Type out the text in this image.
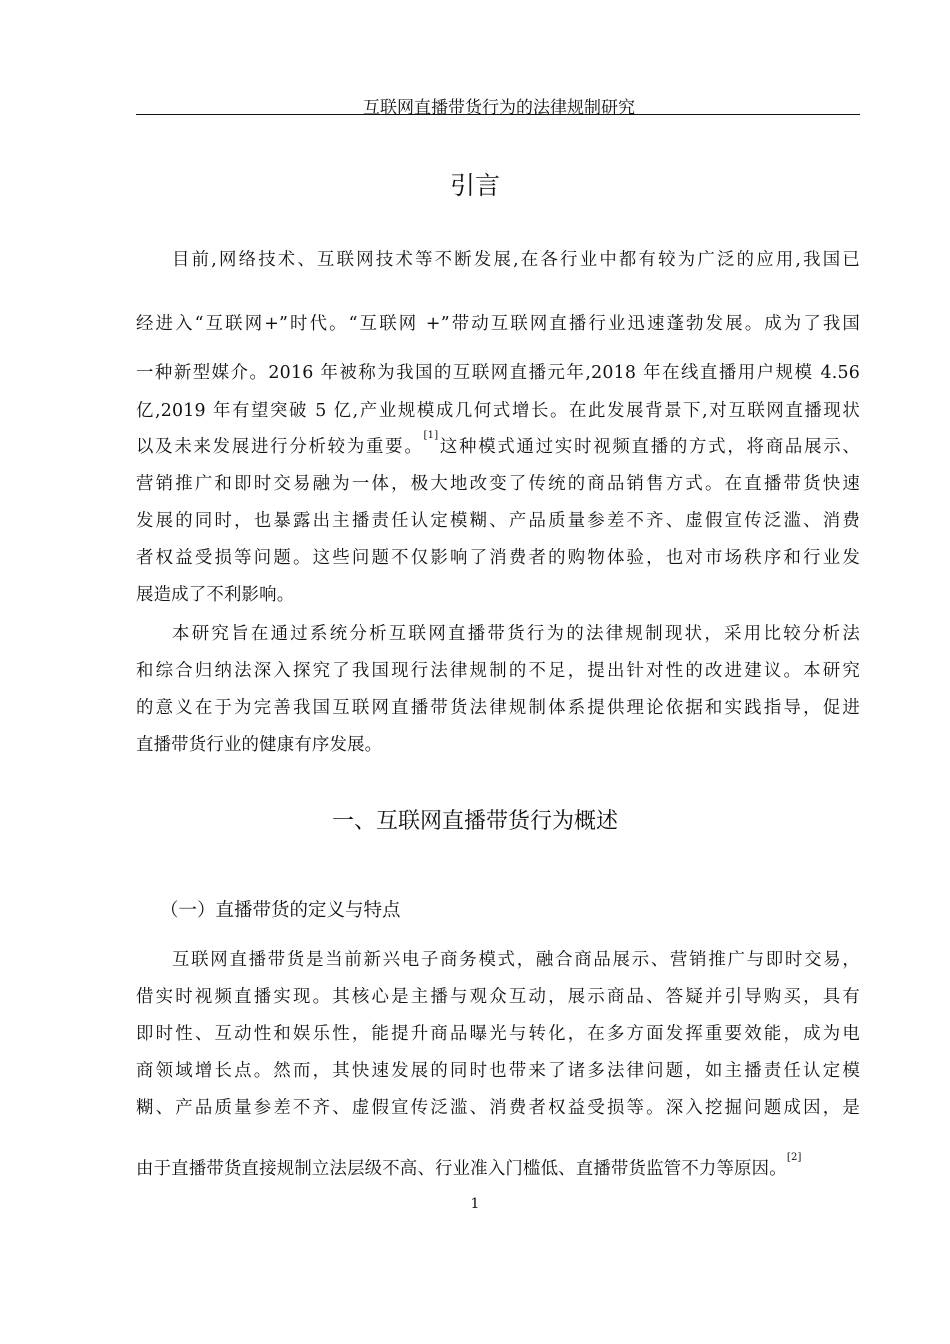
互联网直播带货行为的法律规制研究
引言
目前,网络技术、互联网技术等不断发展,在各行业中都有较为广泛的应用,我国已
经进入“互联网+”时代。“互联网 +”带动互联网直播行业迅速蓬勃发展。成为了我国
一种新型媒介。2016 年被称为我国的互联网直播元年,2018 年在线直播用户规模 4.56
亿,2019 年有望突破 5 亿,产业规模成几何式增长。在此发展背景下,对互联网直播现状
以及未来发展进行分析较为重要。[1]这种模式通过实时视频直播的方式，将商品展示、
营销推广和即时交易融为一体，极大地改变了传统的商品销售方式。在直播带货快速
发展的同时，也暴露出主播责任认定模糊、产品质量参差不齐、虚假宣传泛滥、消费
者权益受损等问题。这些问题不仅影响了消费者的购物体验，也对市场秩序和行业发
展造成了不利影响。
本研究旨在通过系统分析互联网直播带货行为的法律规制现状，采用比较分析法
和综合归纳法深入探究了我国现行法律规制的不足，提出针对性的改进建议。本研究
的意义在于为完善我国互联网直播带货法律规制体系提供理论依据和实践指导，促进
直播带货行业的健康有序发展。
一、互联网直播带货行为概述
（一）直播带货的定义与特点
互联网直播带货是当前新兴电子商务模式，融合商品展示、营销推广与即时交易，
借实时视频直播实现。其核心是主播与观众互动，展示商品、答疑并引导购买，具有
即时性、互动性和娱乐性，能提升商品曝光与转化，在多方面发挥重要效能，成为电
商领域增长点。然而，其快速发展的同时也带来了诸多法律问题，如主播责任认定模
糊、产品质量参差不齐、虚假宣传泛滥、消费者权益受损等。深入挖掘问题成因，是
由于直播带货直接规制立法层级不高、行业准入门槛低、直播带货监管不力等原因。[2]
1
